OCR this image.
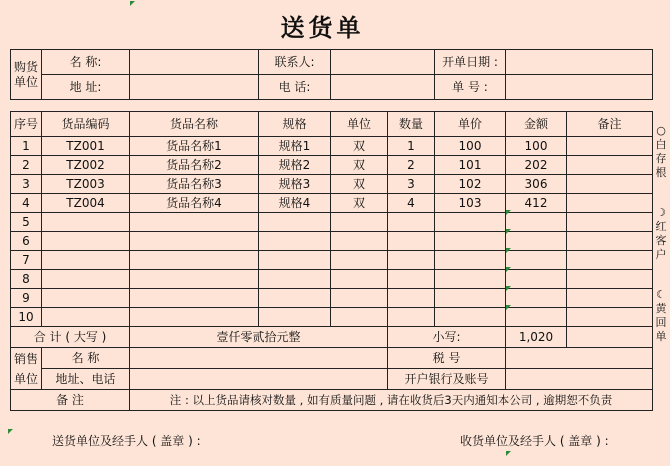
送货单
购货单位	名 称:		联系人:		开单日期 :	
	地 址:		电 话:		单 号 :	
序号	货品编码	货品名称	规格	单位	数量	单价	金额	备注
1	TZ001	货品名称1	规格1	双	1	100	100	
2	TZ002	货品名称2	规格2	双	2	101	202	
3	TZ003	货品名称3	规格3	双	3	102	306	
4	TZ004	货品名称4	规格4	双	4	103	412	
5								
6								
7								
8								
9								
10								
合 计 ( 大写 )		壹仟零贰拾元整			小写:		1,020	
销售单位	名 称				税 号			
	地址、电话				开户银行及账号			
备 注		注 : 以上货品请核对数量 , 如有质量问题 , 请在收货后3天内通知本公司 , 逾期恕不负责						
○
白存根
☽
红客户
☾
黄回单
送货单位及经手人 ( 盖章 ) :	收货单位及经手人 ( 盖章 ) :
